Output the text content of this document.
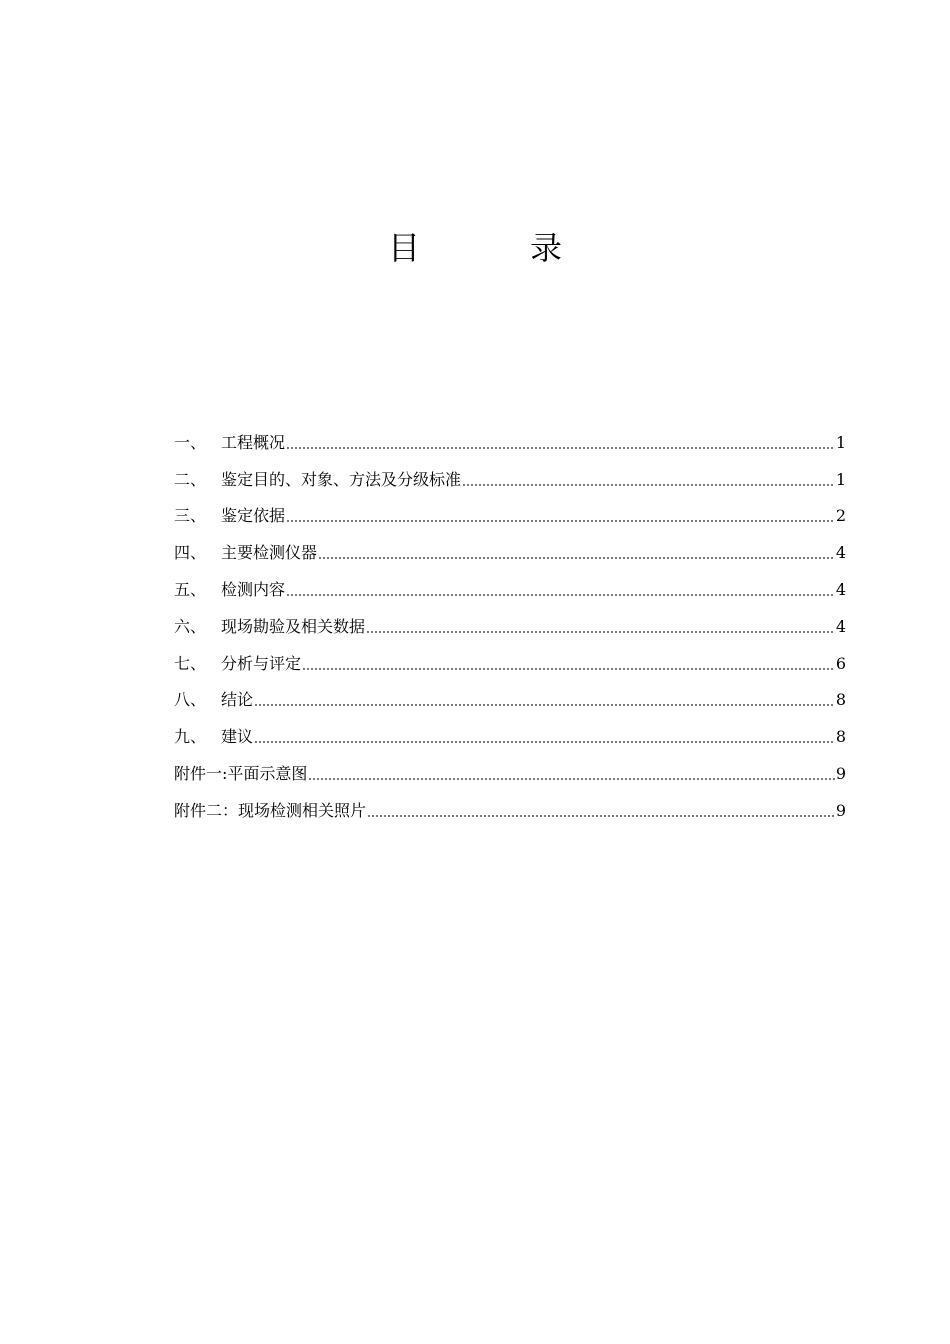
目	录
一、 工程概况	1
二、 鉴定目的、对象、方法及分级标准	1
三、 鉴定依据	2
四、 主要检测仪器	4
五、 检测内容	4
六、 现场勘验及相关数据	4
七、 分析与评定	6
八、 结论	8
九、 建议	8
附件一:平面示意图	9
附件二：现场检测相关照片	9
